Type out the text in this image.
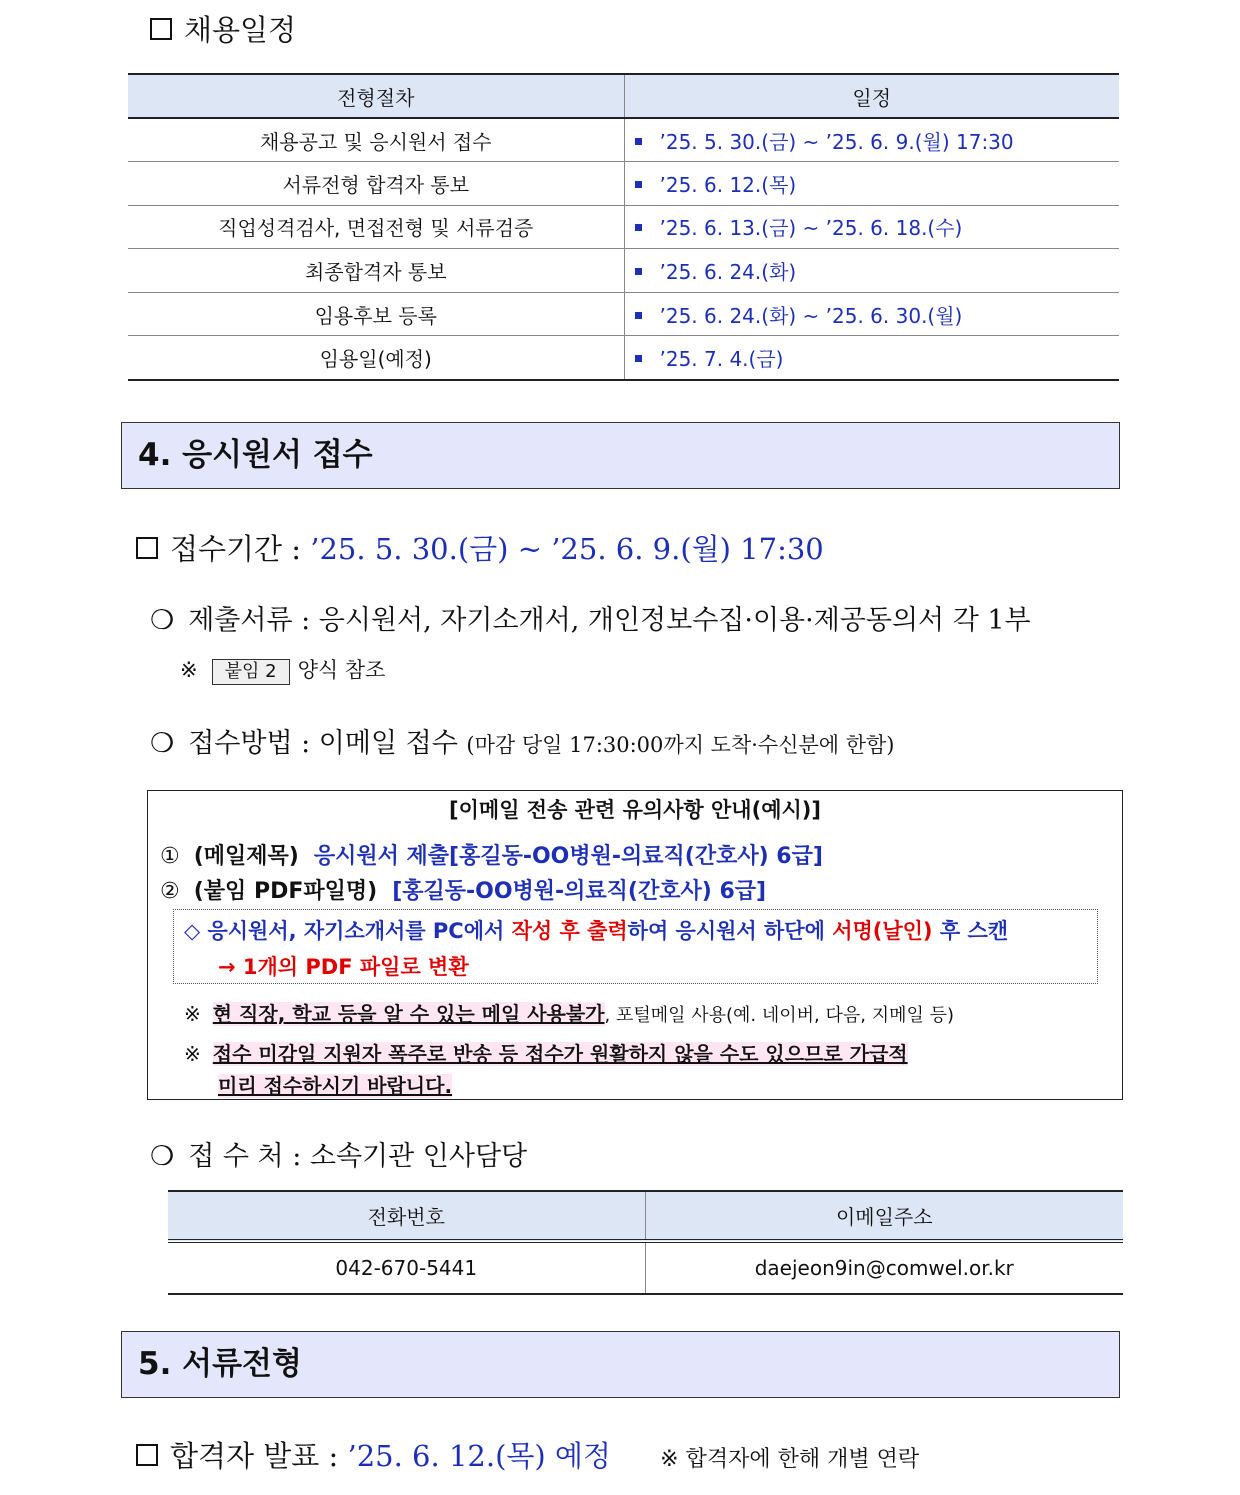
채용일정
전형절차	일정
채용공고 및 응시원서 접수	’25. 5. 30.(금) ~ ’25. 6. 9.(월) 17:30
서류전형 합격자 통보	’25. 6. 12.(목)
직업성격검사, 면접전형 및 서류검증	’25. 6. 13.(금) ~ ’25. 6. 18.(수)
최종합격자 통보	’25. 6. 24.(화)
임용후보 등록	’25. 6. 24.(화) ~ ’25. 6. 30.(월)
임용일(예정)	’25. 7. 4.(금)
4. 응시원서 접수
접수기간 : ’25. 5. 30.(금) ~ ’25. 6. 9.(월) 17:30
❍ 제출서류 : 응시원서, 자기소개서, 개인정보수집·이용·제공동의서 각 1부
※ 붙임 2 양식 참조
❍ 접수방법 : 이메일 접수 (마감 당일 17:30:00까지 도착·수신분에 한함)
[이메일 전송 관련 유의사항 안내(예시)]
① (메일제목) 응시원서 제출[홍길동-OO병원-의료직(간호사) 6급]
② (붙임 PDF파일명) [홍길동-OO병원-의료직(간호사) 6급]
◇ 응시원서, 자기소개서를 PC에서 작성 후 출력하여 응시원서 하단에 서명(날인) 후 스캔
→ 1개의 PDF 파일로 변환
※ 현 직장, 학교 등을 알 수 있는 메일 사용불가, 포털메일 사용(예. 네이버, 다음, 지메일 등)
※ 접수 미감일 지원자 폭주로 반송 등 접수가 원활하지 않을 수도 있으므로 가급적
미리 접수하시기 바랍니다.
❍ 접 수 처 : 소속기관 인사담당
전화번호	이메일주소
042-670-5441	daejeon9in@comwel.or.kr
5. 서류전형
합격자 발표 : ’25. 6. 12.(목) 예정 ※ 합격자에 한해 개별 연락
